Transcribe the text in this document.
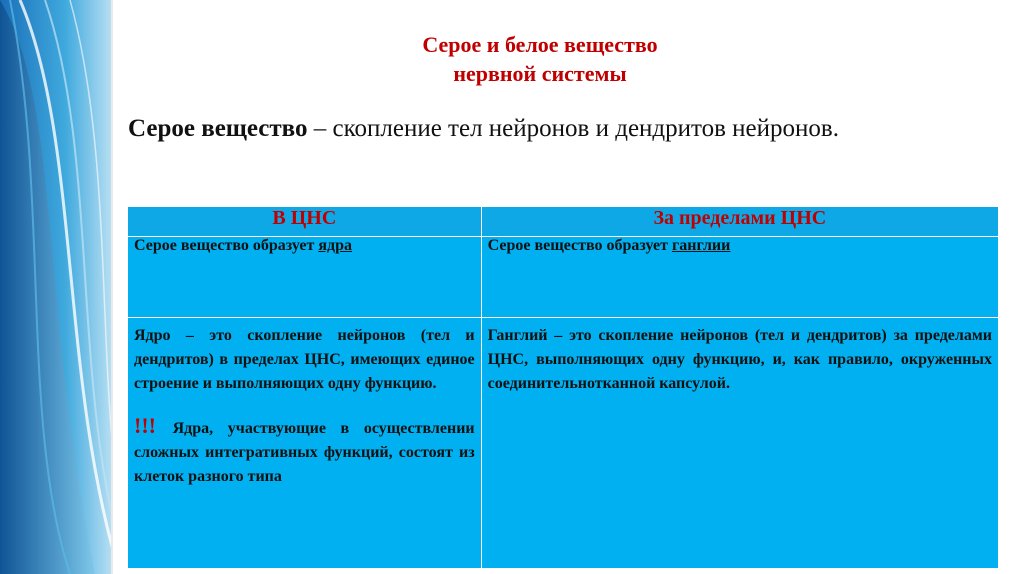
Серое и белое вещество
нервной системы
Серое вещество – скопление тел нейронов и дендритов нейронов.
В ЦНС	За пределами ЦНС
Серое вещество образует ядра	Серое вещество образует ганглии

Ядро – это скопление нейронов (тел и дендритов) в пределах ЦНС, имеющих единое строение и выполняющих одну функцию.
!!! Ядра, участвующие в осуществлении сложных интегративных функций, состоят из клеток разного типа	Ганглий – это скопление нейронов (тел и дендритов) за пределами ЦНС, выполняющих одну функцию, и, как правило, окруженных соединительнотканной капсулой.
